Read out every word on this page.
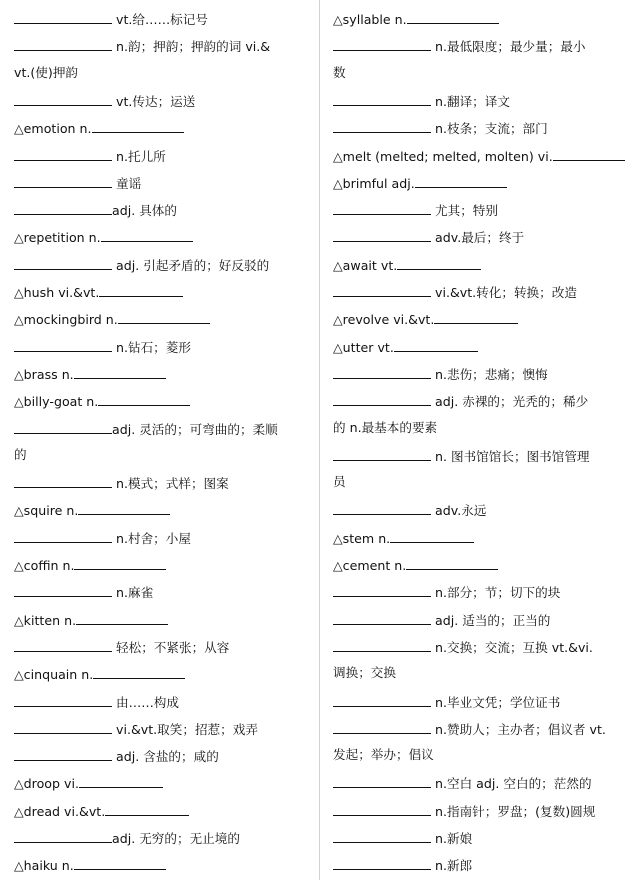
vt.给……标记号
n.韵；押韵；押韵的词 vi.&
vt.(使)押韵
vt.传达；运送
△emotion n.
n.托儿所
童谣
adj. 具体的
△repetition n.
adj. 引起矛盾的；好反驳的
△hush vi.&vt.
△mockingbird n.
n.钻石；菱形
△brass n.
△billy-goat n.
adj. 灵活的；可弯曲的；柔顺
的
n.模式；式样；图案
△squire n.
n.村舍；小屋
△coffin n.
n.麻雀
△kitten n.
轻松；不紧张；从容
△cinquain n.
由……构成
vi.&vt.取笑；招惹；戏弄
adj. 含盐的；咸的
△droop vi.
△dread vi.&vt.
adj. 无穷的；无止境的
△haiku n.
△syllable n.
n.最低限度；最少量；最小
数
n.翻译；译文
n.枝条；支流；部门
△melt (melted; melted, molten) vi.
△brimful adj.
尤其；特别
adv.最后；终于
△await vt.
vi.&vt.转化；转换；改造
△revolve vi.&vt.
△utter vt.
n.悲伤；悲痛；懊悔
adj. 赤裸的；光秃的；稀少
的 n.最基本的要素
n. 图书馆馆长；图书馆管理
员
adv.永远
△stem n.
△cement n.
n.部分；节；切下的块
adj. 适当的；正当的
n.交换；交流；互换 vt.&vi.
调换；交换
n.毕业文凭；学位证书
n.赞助人；主办者；倡议者 vt.
发起；举办；倡议
n.空白 adj. 空白的；茫然的
n.指南针；罗盘；(复数)圆规
n.新娘
n.新郎
